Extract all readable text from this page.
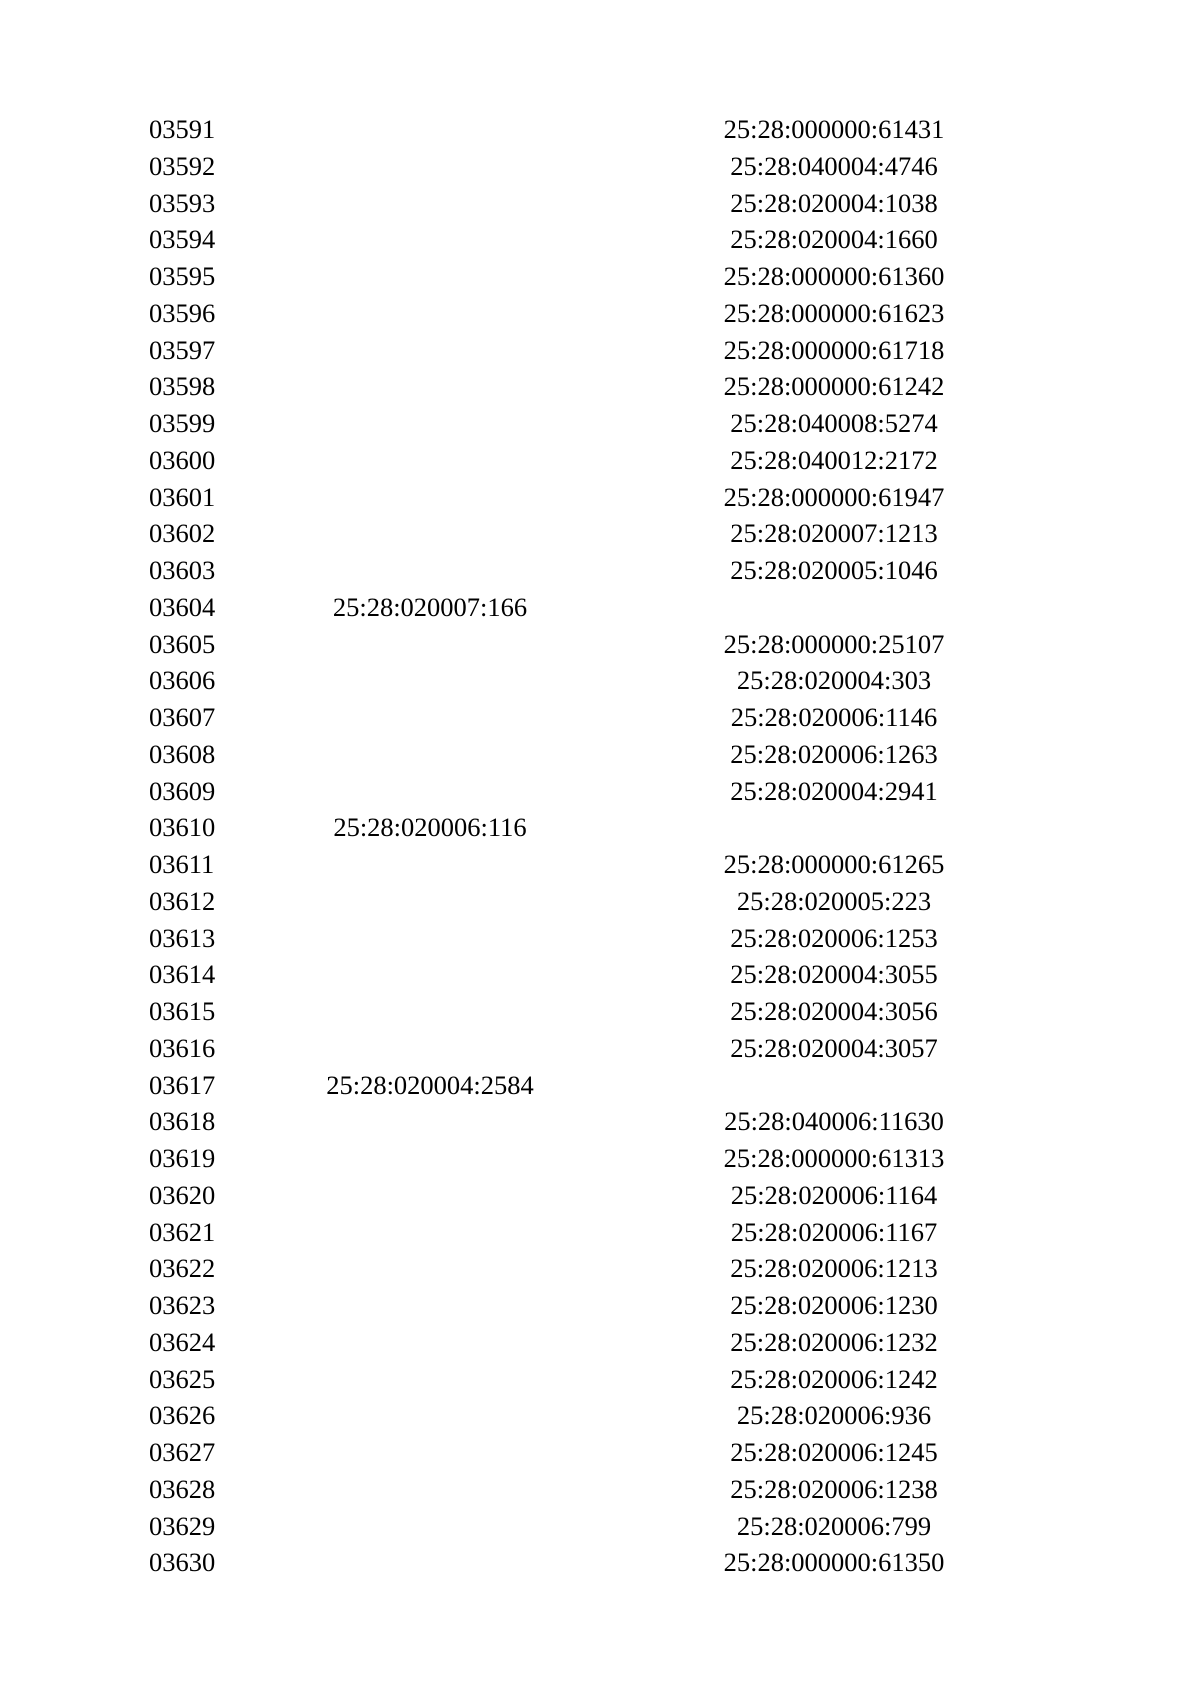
03591	25:28:000000:61431
03592	25:28:040004:4746
03593	25:28:020004:1038
03594	25:28:020004:1660
03595	25:28:000000:61360
03596	25:28:000000:61623
03597	25:28:000000:61718
03598	25:28:000000:61242
03599	25:28:040008:5274
03600	25:28:040012:2172
03601	25:28:000000:61947
03602	25:28:020007:1213
03603	25:28:020005:1046
03604	25:28:020007:166
03605	25:28:000000:25107
03606	25:28:020004:303
03607	25:28:020006:1146
03608	25:28:020006:1263
03609	25:28:020004:2941
03610	25:28:020006:116
03611	25:28:000000:61265
03612	25:28:020005:223
03613	25:28:020006:1253
03614	25:28:020004:3055
03615	25:28:020004:3056
03616	25:28:020004:3057
03617	25:28:020004:2584
03618	25:28:040006:11630
03619	25:28:000000:61313
03620	25:28:020006:1164
03621	25:28:020006:1167
03622	25:28:020006:1213
03623	25:28:020006:1230
03624	25:28:020006:1232
03625	25:28:020006:1242
03626	25:28:020006:936
03627	25:28:020006:1245
03628	25:28:020006:1238
03629	25:28:020006:799
03630	25:28:000000:61350
